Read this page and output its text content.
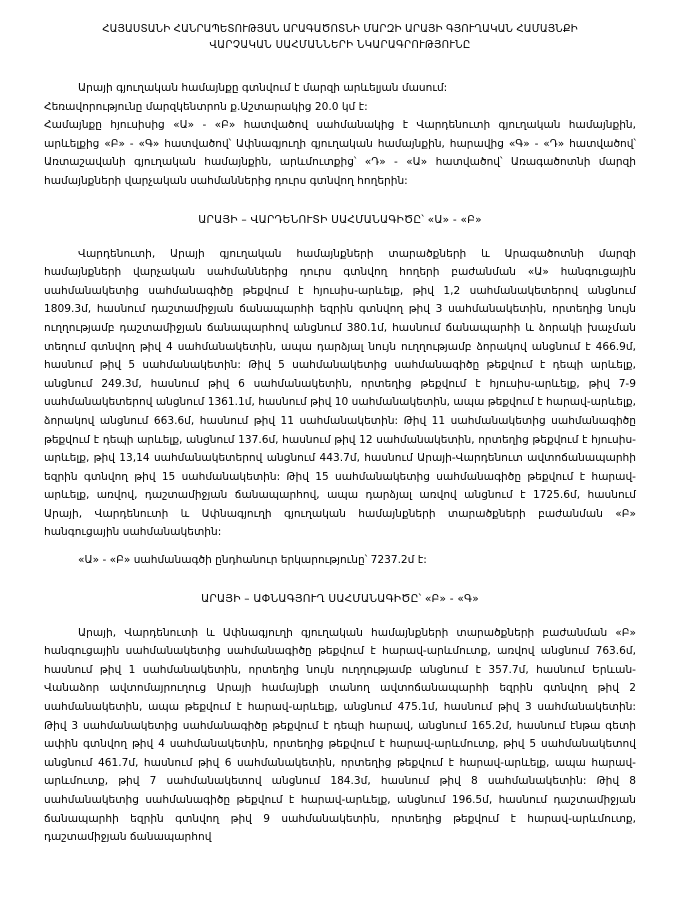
ՀԱՅԱՍՏԱՆԻ ՀԱՆՐԱՊԵՏՈՒԹՅԱՆ ԱՐԱԳԱԾՈՏՆԻ ՄԱՐԶԻ ԱՐԱՅԻ ԳՅՈՒՂԱԿԱՆ ՀԱՄԱՅՆՔԻ
ՎԱՐՉԱԿԱՆ ՍԱՀՄԱՆՆԵՐԻ ՆԿԱՐԱԳՐՈՒԹՅՈՒՆԸ

Արայի գյուղական համայնքը գտնվում է մարզի արևելյան մասում:

Հեռավորությունը մարզկենտրոն ք.Աշտարակից 20.0 կմ է:

Համայնքը հյուսիսից «Ա» - «Բ» հատվածով սահմանակից է Վարդենուտի գյուղական համայնքին, արևելքից «Բ» - «Գ» հատվածով՝ Ափնագյուղի գյուղական համայնքին, հարավից «Գ» - «Դ» հատվածով՝ Առտաշավանի գյուղական համայնքին, արևմուտքից՝ «Դ» - «Ա» հատվածով՝ Առագածոտնի մարզի համայնքների վարչական սահմաններից դուրս գտնվող հողերին:

ԱՐԱՅԻ – ՎԱՐԴԵՆՈՒՏԻ ՍԱՀՄԱՆԱԳԻԾԸ՝ «Ա» - «Բ»

Վարդենուտի, Արայի գյուղական համայնքների տարածքների և Արագածոտնի մարզի համայնքների վարչական սահմաններից դուրս գտնվող հողերի բաժանման «Ա» հանգուցային սահմանակետից սահմանագիծը թեքվում է հյուսիս-արևելք, թիվ 1,2 սահմանակետերով անցնում 1809.3մ, հասնում դաշտամիջյան ճանապարհի եզրին գտնվող թիվ 3 սահմանակետին, որտեղից նույն ուղղությամբ դաշտամիջյան ճանապարհով անցնում 380.1մ, հասնում ճանապարհի և ձորակի խաչման տեղում գտնվող թիվ 4 սահմանակետին, ապա դարձյալ նույն ուղղությամբ ձորակով անցնում է 466.9մ, հասնում թիվ 5 սահմանակետին: Թիվ 5 սահմանակետից սահմանագիծը թեքվում է դեպի արևելք, անցնում 249.3մ, հասնում թիվ 6 սահմանակետին, որտեղից թեքվում է հյուսիս-արևելք, թիվ 7-9 սահմանակետերով անցնում 1361.1մ, հասնում թիվ 10 սահմանակետին, ապա թեքվում է հարավ-արևելք, ձորակով անցնում 663.6մ, հասնում թիվ 11 սահմանակետին: Թիվ 11 սահմանակետից սահմանագիծը թեքվում է դեպի արևելք, անցնում 137.6մ, հասնում թիվ 12 սահմանակետին, որտեղից թեքվում է հյուսիս-արևելք, թիվ 13,14 սահմանակետերով անցնում 443.7մ, հասնում Արայի-Վարդենուտ ավտոճանապարհի եզրին գտնվող թիվ 15 սահմանակետին: Թիվ 15 սահմանակետից սահմանագիծը թեքվում է հարավ-արևելք, առվով, դաշտամիջյան ճանապարհով, ապա դարձյալ առվով անցնում է 1725.6մ, հասնում Արայի, Վարդենուտի և Ափնագյուղի գյուղական համայնքների տարածքների բաժանման «Բ» հանգուցային սահմանակետին:

«Ա» - «Բ» սահմանագծի ընդհանուր երկարությունը՝ 7237.2մ է:

ԱՐԱՅԻ – ԱՓՆԱԳՅՈՒՂ ՍԱՀՄԱՆԱԳԻԾԸ՝ «Բ» - «Գ»

Արայի, Վարդենուտի և Ափնագյուղի գյուղական համայնքների տարածքների բաժանման «Բ» հանգուցային սահմանակետից սահմանագիծը թեքվում է հարավ-արևմուտք, առվով անցնում 763.6մ, հասնում թիվ 1 սահմանակետին, որտեղից նույն ուղղությամբ անցնում է 357.7մ, հասնում Երևան-Վանաձոր ավտոմայրուղուց Արայի համայնքի տանող ավտոճանապարհի եզրին գտնվող թիվ 2 սահմանակետին, ապա թեքվում է հարավ-արևելք, անցնում 475.1մ, հասնում թիվ 3 սահմանակետին: Թիվ 3 սահմանակետից սահմանագիծը թեքվում է դեպի հարավ, անցնում 165.2մ, հասնում էնթա գետի ափին գտնվող թիվ 4 սահմանակետին, որտեղից թեքվում է հարավ-արևմուտք, թիվ 5 սահմանակետով անցնում 461.7մ, հասնում թիվ 6 սահմանակետին, որտեղից թեքվում է հարավ-արևելք, ապա հարավ-արևմուտք, թիվ 7 սահմանակետով անցնում 184.3մ, հասնում թիվ 8 սահմանակետին: Թիվ 8 սահմանակետից սահմանագիծը թեքվում է հարավ-արևելք, անցնում 196.5մ, հասնում դաշտամիջյան ճանապարհի եզրին գտնվող թիվ 9 սահմանակետին, որտեղից թեքվում է հարավ-արևմուտք, դաշտամիջյան ճանապարհով
